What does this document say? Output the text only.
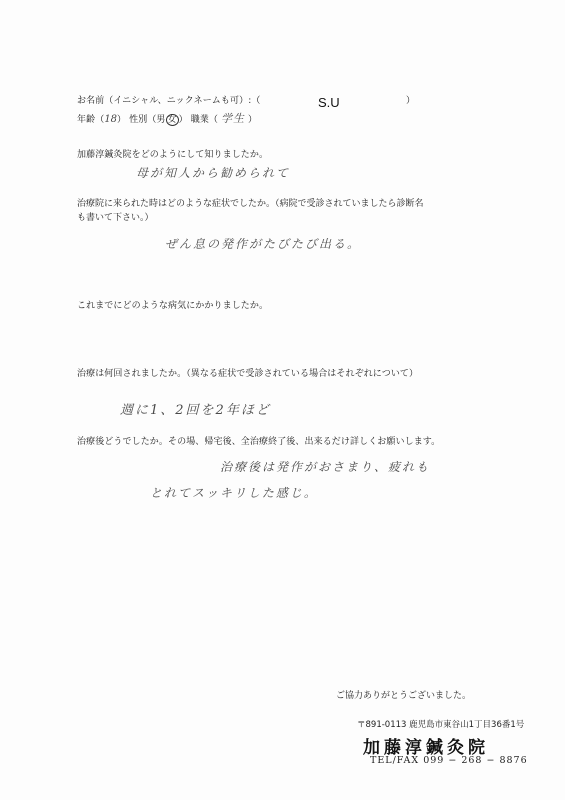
お名前（イニシャル、ニックネームも可）:（	S.U	）
年齢（18） 性別（男 女 ） 職業（ 学生 ）
加藤淳鍼灸院をどのようにして知りましたか。
母が知人から勧められて
治療院に来られた時はどのような症状でしたか。（病院で受診されていましたら診断名も書いて下さい。）
ぜん息の発作がたびたび出る。
これまでにどのような病気にかかりましたか。
治療は何回されましたか。（異なる症状で受診されている場合はそれぞれについて）
週に1、2回を2年ほど
治療後どうでしたか。その場、帰宅後、全治療終了後、出来るだけ詳しくお願いします。
治療後は発作がおさまり、疲れも
とれてスッキリした感じ。
ご協力ありがとうございました。
〒891-0113 鹿児島市東谷山1丁目36番1号
加藤淳鍼灸院
TEL/FAX 099 − 268 − 8876
